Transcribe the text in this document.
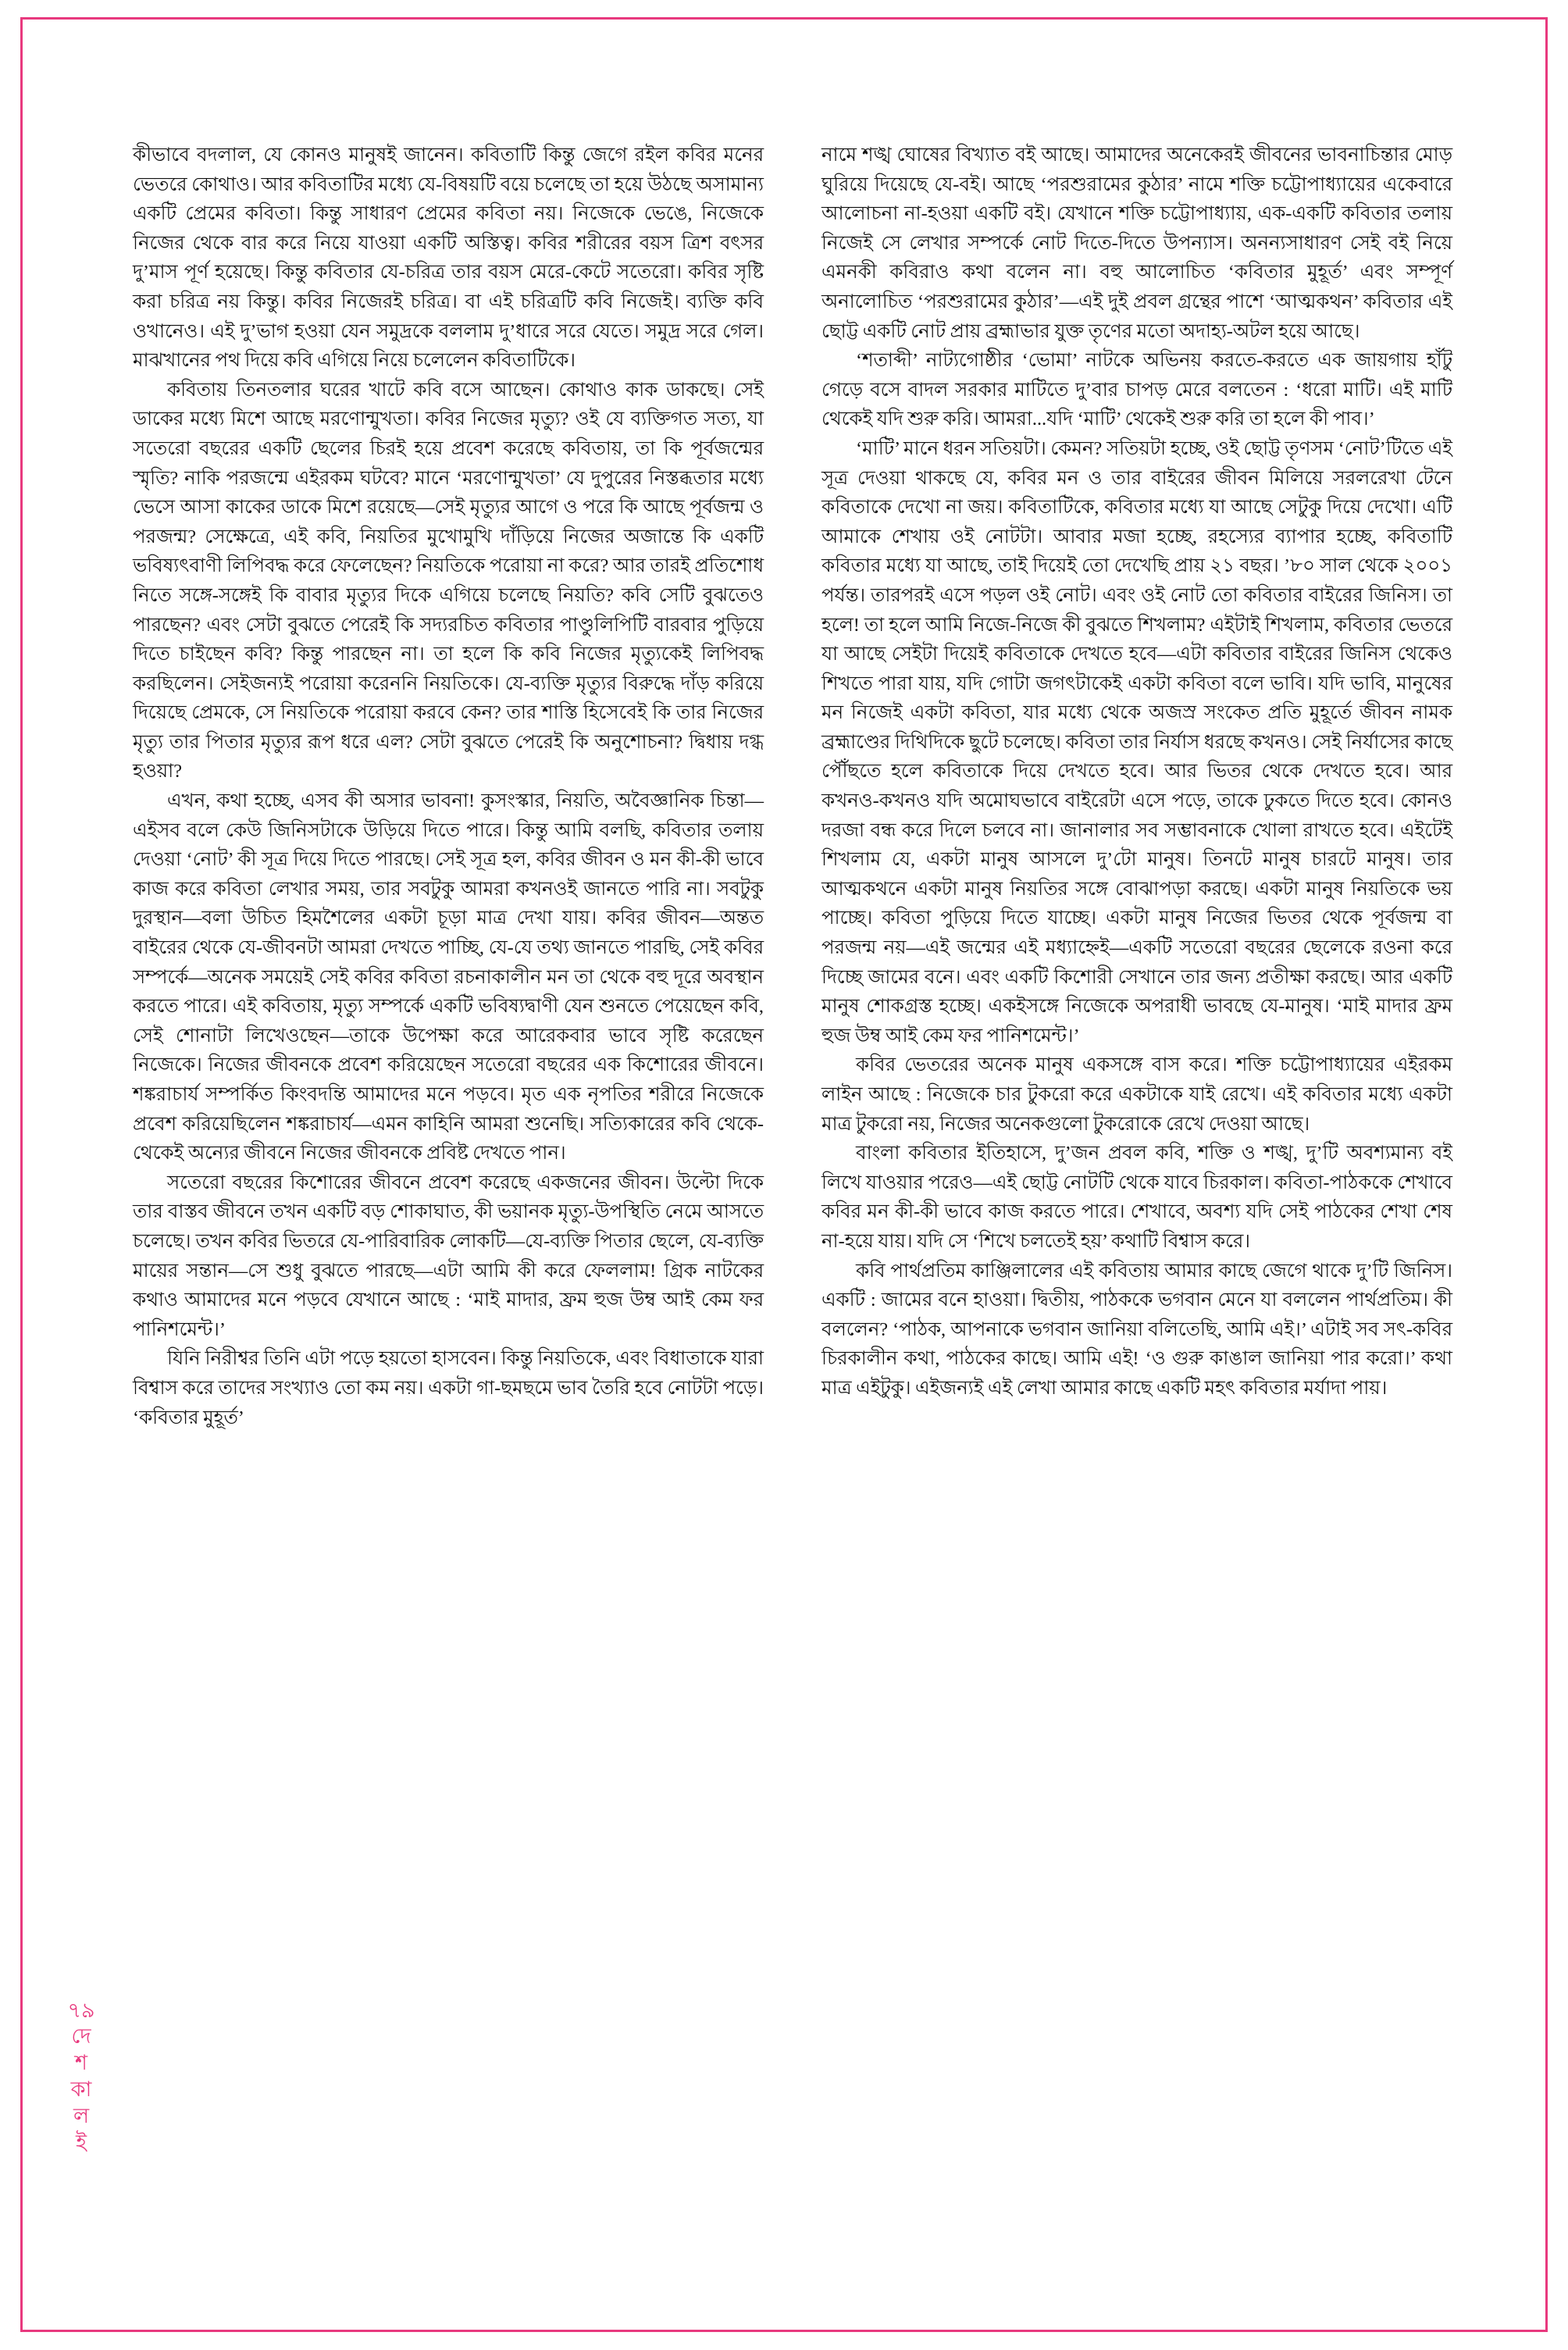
কীভাবে বদলাল, যে কোনও মানুষই জানেন। কবিতাটি কিন্তু জেগে রইল কবির মনের ভেতরে কোথাও। আর কবিতাটির মধ্যে যে-বিষয়টি বয়ে চলেছে তা হয়ে উঠছে অসামান্য একটি প্রেমের কবিতা। কিন্তু সাধারণ প্রেমের কবিতা নয়। নিজেকে ভেঙে, নিজেকে নিজের থেকে বার করে নিয়ে যাওয়া একটি অস্তিত্ব। কবির শরীরের বয়স ত্রিশ বৎসর দু’মাস পূর্ণ হয়েছে। কিন্তু কবিতার যে-চরিত্র তার বয়স মেরে-কেটে সতেরো। কবির সৃষ্টি করা চরিত্র নয় কিন্তু। কবির নিজেরই চরিত্র। বা এই চরিত্রটি কবি নিজেই। ব্যক্তি কবি ওখানেও। এই দু’ভাগ হওয়া যেন সমুদ্রকে বললাম দু’ধারে সরে যেতে। সমুদ্র সরে গেল। মাঝখানের পথ দিয়ে কবি এগিয়ে নিয়ে চলেলেন কবিতাটিকে।

কবিতায় তিনতলার ঘরের খাটে কবি বসে আছেন। কোথাও কাক ডাকছে। সেই ডাকের মধ্যে মিশে আছে মরণোন্মুখতা। কবির নিজের মৃত্যু? ওই যে ব্যক্তিগত সত্য, যা সতেরো বছরের একটি ছেলের চিরই হয়ে প্রবেশ করেছে কবিতায়, তা কি পূর্বজন্মের স্মৃতি? নাকি পরজন্মে এইরকম ঘটবে? মানে ‘মরণোন্মুখতা’ যে দুপুরের নিস্তব্ধতার মধ্যে ভেসে আসা কাকের ডাকে মিশে রয়েছে—সেই মৃত্যুর আগে ও পরে কি আছে পূর্বজন্ম ও পরজন্ম? সেক্ষেত্রে, এই কবি, নিয়তির মুখোমুখি দাঁড়িয়ে নিজের অজান্তে কি একটি ভবিষ্যৎবাণী লিপিবদ্ধ করে ফেলেছেন? নিয়তিকে পরোয়া না করে? আর তারই প্রতিশোধ নিতে সঙ্গে-সঙ্গেই কি বাবার মৃত্যুর দিকে এগিয়ে চলেছে নিয়তি? কবি সেটি বুঝতেও পারছেন? এবং সেটা বুঝতে পেরেই কি সদ্যরচিত কবিতার পাণ্ডুলিপিটি বারবার পুড়িয়ে দিতে চাইছেন কবি? কিন্তু পারছেন না। তা হলে কি কবি নিজের মৃত্যুকেই লিপিবদ্ধ করছিলেন। সেইজন্যই পরোয়া করেননি নিয়তিকে। যে-ব্যক্তি মৃত্যুর বিরুদ্ধে দাঁড় করিয়ে দিয়েছে প্রেমকে, সে নিয়তিকে পরোয়া করবে কেন? তার শাস্তি হিসেবেই কি তার নিজের মৃত্যু তার পিতার মৃত্যুর রূপ ধরে এল? সেটা বুঝতে পেরেই কি অনুশোচনা? দ্বিধায় দগ্ধ হওয়া?

এখন, কথা হচ্ছে, এসব কী অসার ভাবনা! কুসংস্কার, নিয়তি, অবৈজ্ঞানিক চিন্তা—এইসব বলে কেউ জিনিসটাকে উড়িয়ে দিতে পারে। কিন্তু আমি বলছি, কবিতার তলায় দেওয়া ‘নোট’ কী সূত্র দিয়ে দিতে পারছে। সেই সূত্র হল, কবির জীবন ও মন কী-কী ভাবে কাজ করে কবিতা লেখার সময়, তার সবটুকু আমরা কখনওই জানতে পারি না। সবটুকু দুরস্থান—বলা উচিত হিমশৈলের একটা চূড়া মাত্র দেখা যায়। কবির জীবন—অন্তত বাইরের থেকে যে-জীবনটা আমরা দেখতে পাচ্ছি, যে-যে তথ্য জানতে পারছি, সেই কবির সম্পর্কে—অনেক সময়েই সেই কবির কবিতা রচনাকালীন মন তা থেকে বহু দূরে অবস্থান করতে পারে। এই কবিতায়, মৃত্যু সম্পর্কে একটি ভবিষ্যদ্বাণী যেন শুনতে পেয়েছেন কবি, সেই শোনাটা লিখেওছেন—তাকে উপেক্ষা করে আরেকবার ভাবে সৃষ্টি করেছেন নিজেকে। নিজের জীবনকে প্রবেশ করিয়েছেন সতেরো বছরের এক কিশোরের জীবনে। শঙ্করাচার্য সম্পর্কিত কিংবদন্তি আমাদের মনে পড়বে। মৃত এক নৃপতির শরীরে নিজেকে প্রবেশ করিয়েছিলেন শঙ্করাচার্য—এমন কাহিনি আমরা শুনেছি। সত্যিকারের কবি থেকে-থেকেই অন্যের জীবনে নিজের জীবনকে প্রবিষ্ট দেখতে পান।

সতেরো বছরের কিশোরের জীবনে প্রবেশ করেছে একজনের জীবন। উল্টো দিকে তার বাস্তব জীবনে তখন একটি বড় শোকাঘাত, কী ভয়ানক মৃত্যু-উপস্থিতি নেমে আসতে চলেছে। তখন কবির ভিতরে যে-পারিবারিক লোকটি—যে-ব্যক্তি পিতার ছেলে, যে-ব্যক্তি মায়ের সন্তান—সে শুধু বুঝতে পারছে—এটা আমি কী করে ফেললাম! গ্রিক নাটকের কথাও আমাদের মনে পড়বে যেখানে আছে : ‘মাই মাদার, ফ্রম হুজ উম্ব আই কেম ফর পানিশমেন্ট।’

যিনি নিরীশ্বর তিনি এটা পড়ে হয়তো হাসবেন। কিন্তু নিয়তিকে, এবং বিধাতাকে যারা বিশ্বাস করে তাদের সংখ্যাও তো কম নয়। একটা গা-ছমছমে ভাব তৈরি হবে নোটটা পড়ে। ‘কবিতার মুহূর্ত’

নামে শঙ্খ ঘোষের বিখ্যাত বই আছে। আমাদের অনেকেরই জীবনের ভাবনাচিন্তার মোড় ঘুরিয়ে দিয়েছে যে-বই। আছে ‘পরশুরামের কুঠার’ নামে শক্তি চট্টোপাধ্যায়ের একেবারে আলোচনা না-হওয়া একটি বই। যেখানে শক্তি চট্টোপাধ্যায়, এক-একটি কবিতার তলায় নিজেই সে লেখার সম্পর্কে নোট দিতে-দিতে উপন্যাস। অনন্যসাধারণ সেই বই নিয়ে এমনকী কবিরাও কথা বলেন না। বহু আলোচিত ‘কবিতার মুহূর্ত’ এবং সম্পূর্ণ অনালোচিত ‘পরশুরামের কুঠার’—এই দুই প্রবল গ্রন্থের পাশে ‘আত্মকথন’ কবিতার এই ছোট্ট একটি নোট প্রায় ব্রহ্মাভার যুক্ত তৃণের মতো অদাহ্য-অটল হয়ে আছে।

‘শতাব্দী’ নাট্যগোষ্ঠীর ‘ভোমা’ নাটকে অভিনয় করতে-করতে এক জায়গায় হাঁটু গেড়ে বসে বাদল সরকার মাটিতে দু’বার চাপড় মেরে বলতেন : ‘ধরো মাটি। এই মাটি থেকেই যদি শুরু করি। আমরা...যদি ‘মাটি’ থেকেই শুরু করি তা হলে কী পাব।’

‘মাটি’ মানে ধরন সতিয়টা। কেমন? সতিয়টা হচ্ছে, ওই ছোট্ট তৃণসম ‘নোট’টিতে এই সূত্র দেওয়া থাকছে যে, কবির মন ও তার বাইরের জীবন মিলিয়ে সরলরেখা টেনে কবিতাকে দেখো না জয়। কবিতাটিকে, কবিতার মধ্যে যা আছে সেটুকু দিয়ে দেখো। এটি আমাকে শেখায় ওই নোটটা। আবার মজা হচ্ছে, রহস্যের ব্যাপার হচ্ছে, কবিতাটি কবিতার মধ্যে যা আছে, তাই দিয়েই তো দেখেছি প্রায় ২১ বছর। ’৮০ সাল থেকে ২০০১ পর্যন্ত। তারপরই এসে পড়ল ওই নোট। এবং ওই নোট তো কবিতার বাইরের জিনিস। তা হলে! তা হলে আমি নিজে-নিজে কী বুঝতে শিখলাম? এইটাই শিখলাম, কবিতার ভেতরে যা আছে সেইটা দিয়েই কবিতাকে দেখতে হবে—এটা কবিতার বাইরের জিনিস থেকেও শিখতে পারা যায়, যদি গোটা জগৎটাকেই একটা কবিতা বলে ভাবি। যদি ভাবি, মানুষের মন নিজেই একটা কবিতা, যার মধ্যে থেকে অজস্র সংকেত প্রতি মুহূর্তে জীবন নামক ব্রহ্মাণ্ডের দিথিদিকে ছুটে চলেছে। কবিতা তার নির্যাস ধরছে কখনও। সেই নির্যাসের কাছে পৌঁছতে হলে কবিতাকে দিয়ে দেখতে হবে। আর ভিতর থেকে দেখতে হবে। আর কখনও-কখনও যদি অমোঘভাবে বাইরেটা এসে পড়ে, তাকে ঢুকতে দিতে হবে। কোনও দরজা বন্ধ করে দিলে চলবে না। জানালার সব সম্ভাবনাকে খোলা রাখতে হবে। এইটেই শিখলাম যে, একটা মানুষ আসলে দু’টো মানুষ। তিনটে মানুষ চারটে মানুষ। তার আত্মকথনে একটা মানুষ নিয়তির সঙ্গে বোঝাপড়া করছে। একটা মানুষ নিয়তিকে ভয় পাচ্ছে। কবিতা পুড়িয়ে দিতে যাচ্ছে। একটা মানুষ নিজের ভিতর থেকে পূর্বজন্ম বা পরজন্ম নয়—এই জন্মের এই মধ্যাহ্নেই—একটি সতেরো বছরের ছেলেকে রওনা করে দিচ্ছে জামের বনে। এবং একটি কিশোরী সেখানে তার জন্য প্রতীক্ষা করছে। আর একটি মানুষ শোকগ্রস্ত হচ্ছে। একইসঙ্গে নিজেকে অপরাধী ভাবছে যে-মানুষ। ‘মাই মাদার ফ্রম হুজ উম্ব আই কেম ফর পানিশমেন্ট।’

কবির ভেতরের অনেক মানুষ একসঙ্গে বাস করে। শক্তি চট্টোপাধ্যায়ের এইরকম লাইন আছে : নিজেকে চার টুকরো করে একটাকে যাই রেখে। এই কবিতার মধ্যে একটা মাত্র টুকরো নয়, নিজের অনেকগুলো টুকরোকে রেখে দেওয়া আছে।

বাংলা কবিতার ইতিহাসে, দু’জন প্রবল কবি, শক্তি ও শঙ্খ, দু’টি অবশ্যমান্য বই লিখে যাওয়ার পরেও—এই ছোট্ট নোটটি থেকে যাবে চিরকাল। কবিতা-পাঠককে শেখাবে কবির মন কী-কী ভাবে কাজ করতে পারে। শেখাবে, অবশ্য যদি সেই পাঠকের শেখা শেষ না-হয়ে যায়। যদি সে ‘শিখে চলতেই হয়’ কথাটি বিশ্বাস করে।

কবি পার্থপ্রতিম কাঞ্জিলালের এই কবিতায় আমার কাছে জেগে থাকে দু’টি জিনিস। একটি : জামের বনে হাওয়া। দ্বিতীয়, পাঠককে ভগবান মেনে যা বললেন পার্থপ্রতিম। কী বললেন? ‘পাঠক, আপনাকে ভগবান জানিয়া বলিতেছি, আমি এই।’ এটাই সব সৎ-কবির চিরকালীন কথা, পাঠকের কাছে। আমি এই! ‘ও গুরু কাঙাল জানিয়া পার করো।’ কথা মাত্র এইটুকু। এইজন্যই এই লেখা আমার কাছে একটি মহৎ কবিতার মর্যাদা পায়।

৭৯
দে
শ
কা
ল
ই
